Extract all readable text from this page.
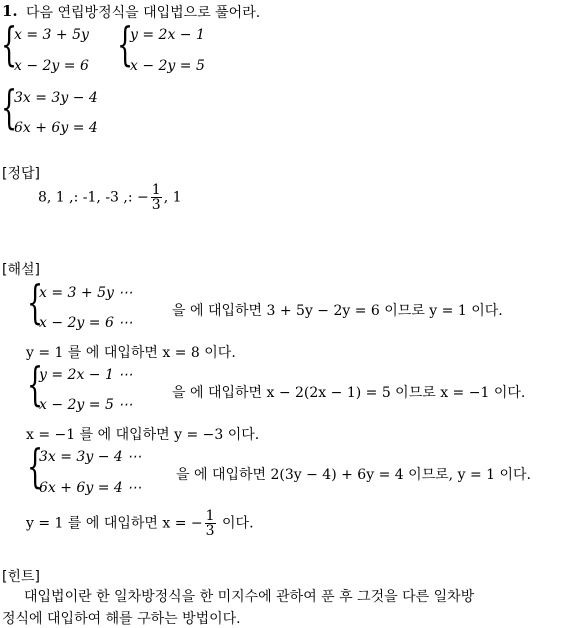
1. 다음 연립방정식을 대입법으로 풀어라.
{
x = 3 + 5y
x − 2y = 6 {
y = 2x − 1
x − 2y = 5
{
3x = 3y − 4
6x + 6y = 4
[정답]
8, 1 ,: -1, -3 ,: − $\frac{1}{3}$ , 1
[해설]
{
x = 3 + 5y ⋯
x − 2y = 6 ⋯
을 에 대입하면 3 + 5y − 2y = 6 이므로 y = 1 이다.
y = 1 를 에 대입하면 x = 8 이다.
{
y = 2x − 1 ⋯
x − 2y = 5 ⋯
을 에 대입하면 x − 2(2x − 1) = 5 이므로 x = −1 이다.
x = −1 를 에 대입하면 y = −3 이다.
{
3x = 3y − 4 ⋯
6x + 6y = 4 ⋯
을 에 대입하면 2(3y − 4) + 6y = 4 이므로, y = 1 이다.
y = 1 를 에 대입하면 x = − $\frac{1}{3}$ 이다.
[힌트]
대입법이란 한 일차방정식을 한 미지수에 관하여 푼 후 그것을 다른 일차방
정식에 대입하여 해를 구하는 방법이다.
